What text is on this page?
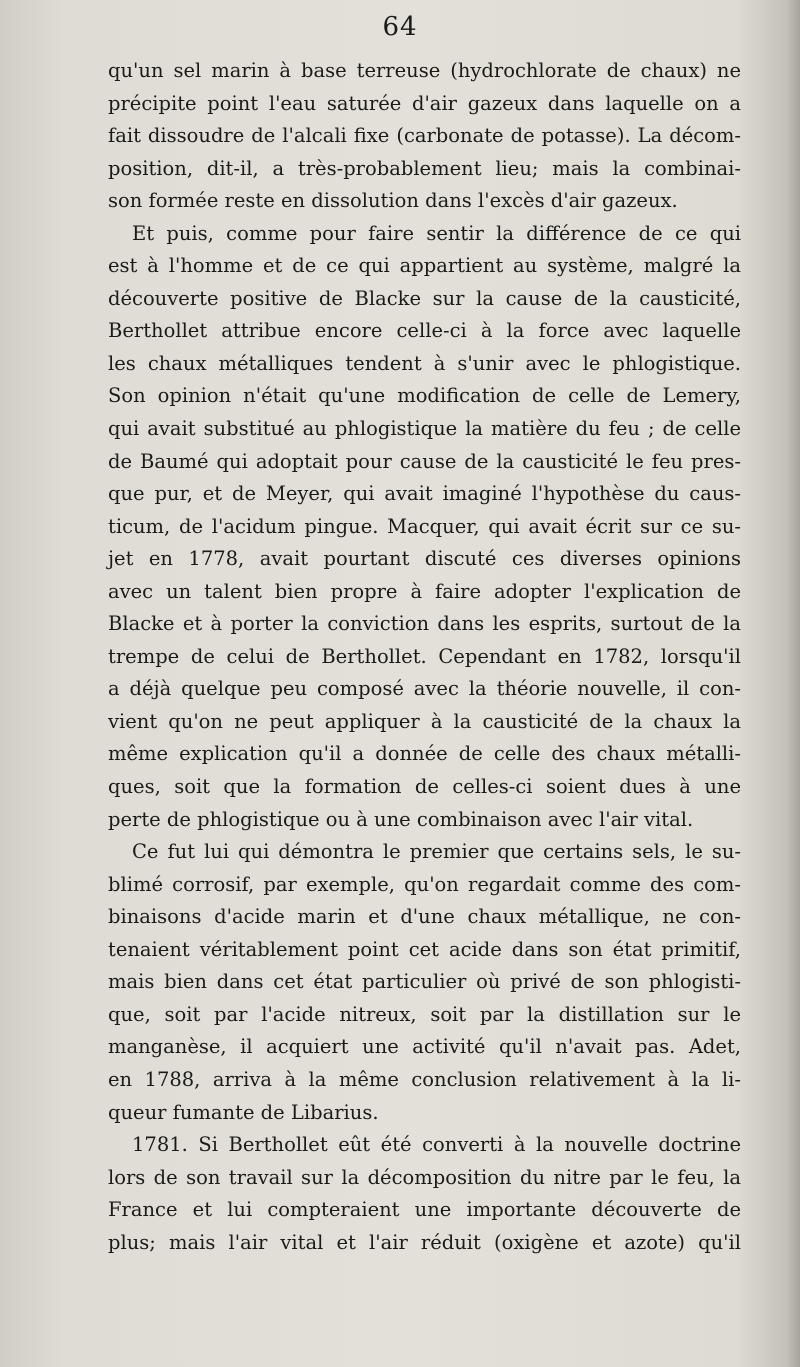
64
qu'un sel marin à base terreuse (hydrochlorate de chaux) ne
précipite point l'eau saturée d'air gazeux dans laquelle on a
fait dissoudre de l'alcali fixe (carbonate de potasse). La décom-
position, dit-il, a très-probablement lieu; mais la combinai-
son formée reste en dissolution dans l'excès d'air gazeux.
Et puis, comme pour faire sentir la différence de ce qui
est à l'homme et de ce qui appartient au système, malgré la
découverte positive de Blacke sur la cause de la causticité,
Berthollet attribue encore celle-ci à la force avec laquelle
les chaux métalliques tendent à s'unir avec le phlogistique.
Son opinion n'était qu'une modification de celle de Lemery,
qui avait substitué au phlogistique la matière du feu ; de celle
de Baumé qui adoptait pour cause de la causticité le feu pres-
que pur, et de Meyer, qui avait imaginé l'hypothèse du caus-
ticum, de l'acidum pingue. Macquer, qui avait écrit sur ce su-
jet en 1778, avait pourtant discuté ces diverses opinions
avec un talent bien propre à faire adopter l'explication de
Blacke et à porter la conviction dans les esprits, surtout de la
trempe de celui de Berthollet. Cependant en 1782, lorsqu'il
a déjà quelque peu composé avec la théorie nouvelle, il con-
vient qu'on ne peut appliquer à la causticité de la chaux la
même explication qu'il a donnée de celle des chaux métalli-
ques, soit que la formation de celles-ci soient dues à une
perte de phlogistique ou à une combinaison avec l'air vital.
Ce fut lui qui démontra le premier que certains sels, le su-
blimé corrosif, par exemple, qu'on regardait comme des com-
binaisons d'acide marin et d'une chaux métallique, ne con-
tenaient véritablement point cet acide dans son état primitif,
mais bien dans cet état particulier où privé de son phlogisti-
que, soit par l'acide nitreux, soit par la distillation sur le
manganèse, il acquiert une activité qu'il n'avait pas. Adet,
en 1788, arriva à la même conclusion relativement à la li-
queur fumante de Libarius.
1781. Si Berthollet eût été converti à la nouvelle doctrine
lors de son travail sur la décomposition du nitre par le feu, la
France et lui compteraient une importante découverte de
plus; mais l'air vital et l'air réduit (oxigène et azote) qu'il
